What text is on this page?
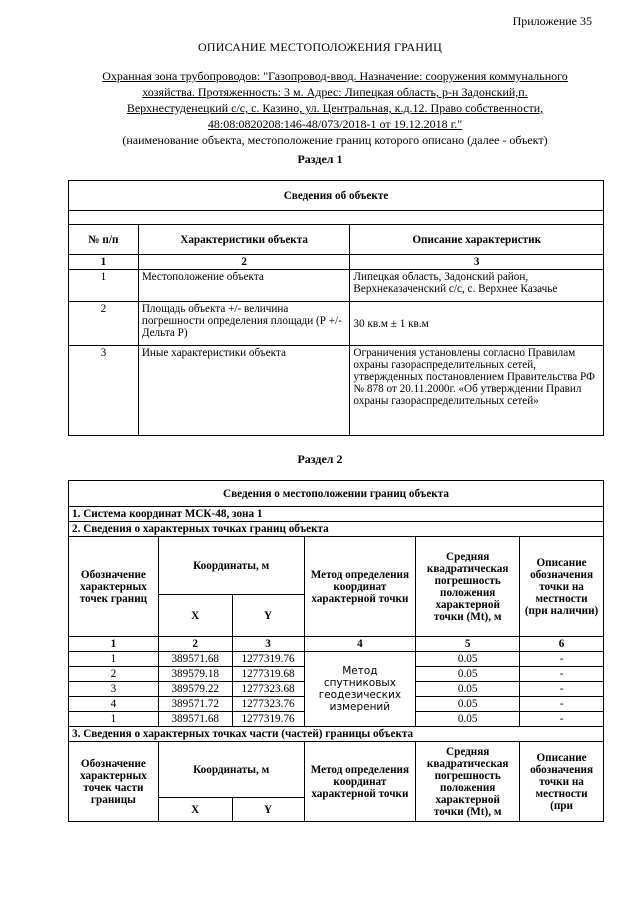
Приложение 35
ОПИСАНИЕ МЕСТОПОЛОЖЕНИЯ ГРАНИЦ
Охранная зона трубопроводов: "Газопровод-ввод. Назначение: сооружения коммунального
хозяйства. Протяженность: 3 м. Адрес: Липецкая область, р-н Задонский,п.
Верхнестуденецкий с/с, с. Казино, ул. Центральная, к.д.12. Право собственности,
48:08:0820208:146-48/073/2018-1 от 19.12.2018 г."
(наименование объекта, местоположение границ которого описано (далее - объект)
Раздел 1
Сведения об объекте		

№ п/п	Характеристики объекта	Описание характеристик
1	2	3
1	Местоположение объекта	Липецкая область, Задонский район, Верхнеказаченский с/с, с. Верхнее Казачье
2	Площадь объекта +/- величина погрешности определения площади (Р +/- Дельта Р)	30 кв.м ± 1 кв.м
3	Иные характеристики объекта	Ограничения установлены согласно Правилам охраны газораспределительных сетей, утвержденных постановлением Правительства РФ № 878 от 20.11.2000г. «Об утверждении Правил охраны газораспределительных сетей»
Раздел 2
Сведения о местоположении границ объекта					
1. Система координат МСК-48, зона 1					
2. Сведения о характерных точках границ объекта					
Обозначение характерных точек границ	Координаты, м		Метод определения координат характерной точки	Средняя квадратическая погрешность положения характерной точки (Mt), м	Описание обозначения точки на местности (при наличии)
	X	Y			
1	2	3	4	5	6
1	389571.68	1277319.76	Метод спутниковых геодезических измерений	0.05	-
2	389579.18	1277319.68		0.05	-
3	389579.22	1277323.68		0.05	-
4	389571.72	1277323.76		0.05	-
1	389571.68	1277319.76		0.05	-
3. Сведения о характерных точках части (частей) границы объекта					
Обозначение характерных точек части границы	Координаты, м		Метод определения координат характерной точки	Средняя квадратическая погрешность положения характерной точки (Mt), м	Описание обозначения точки на местности (при
	X	Y			
